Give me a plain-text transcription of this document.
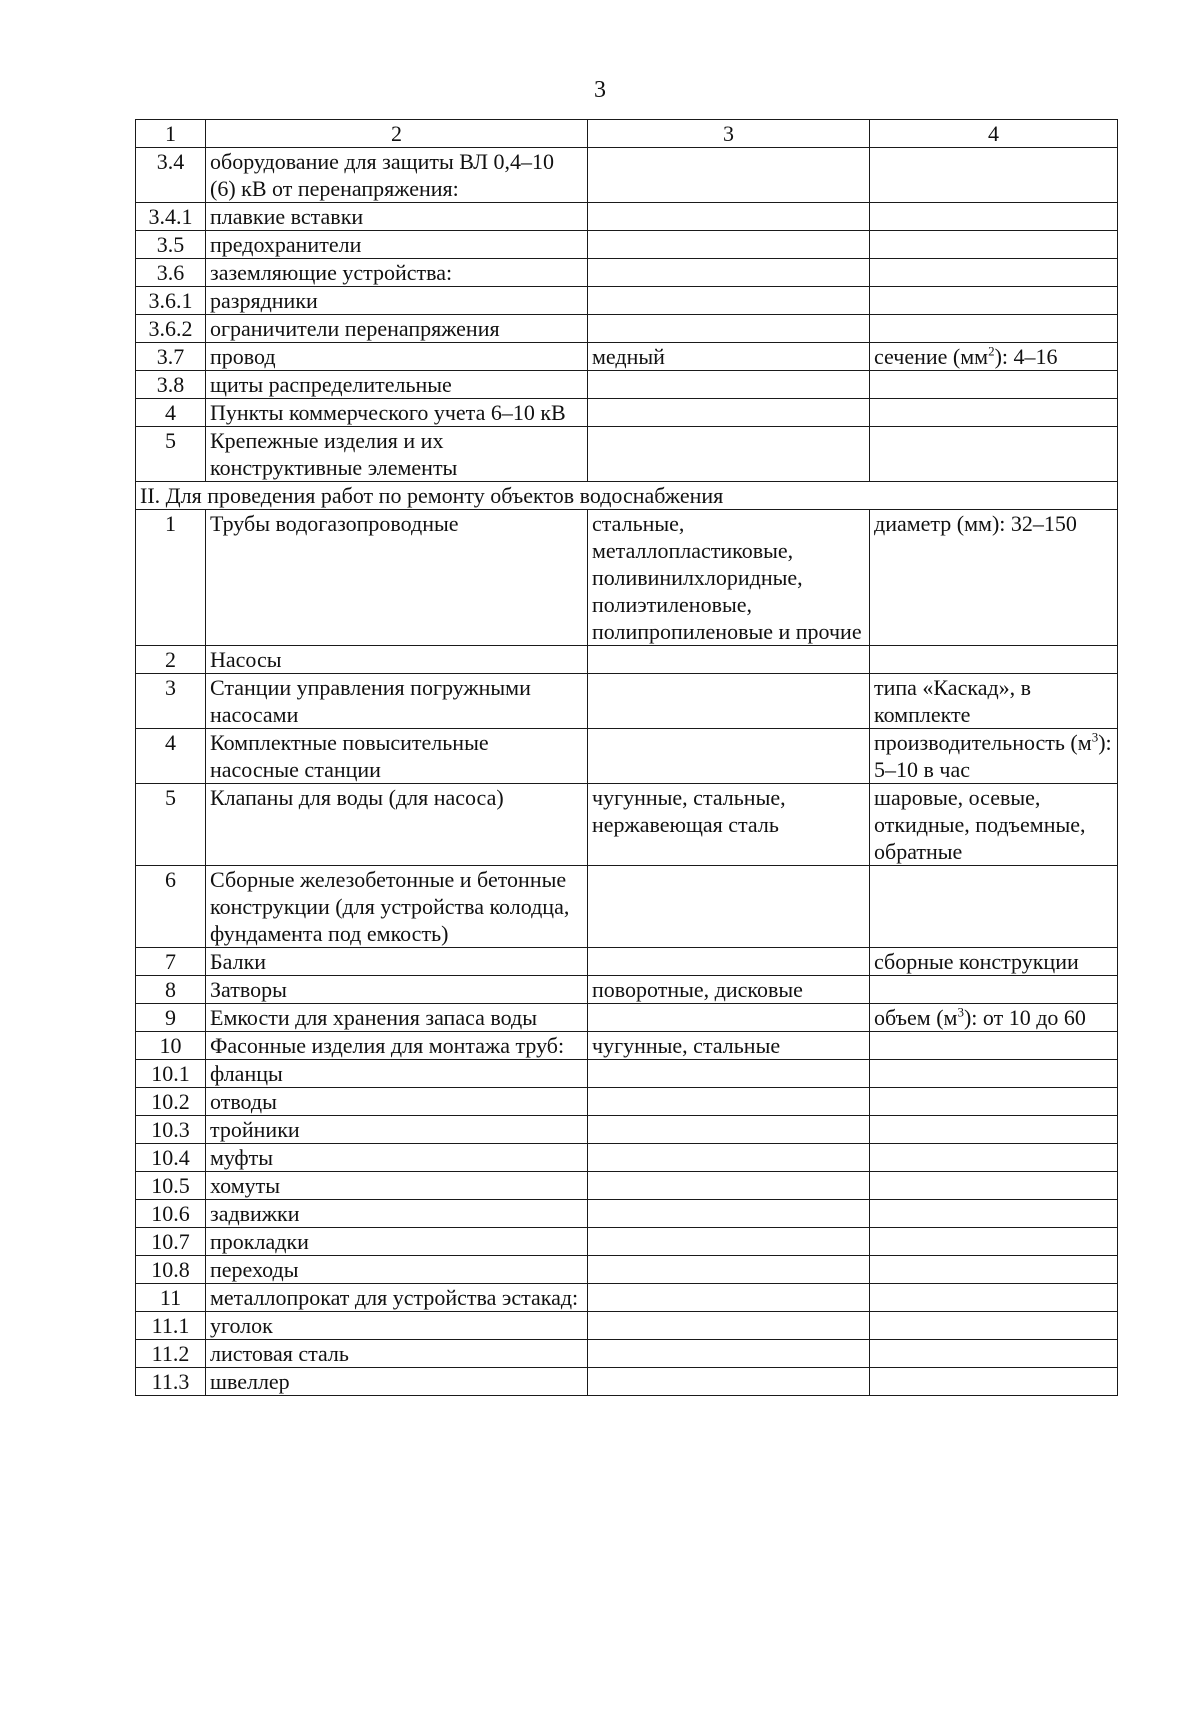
3
1	2	3	4
3.4	оборудование для защиты ВЛ 0,4–10 (6) кВ от перенапряжения:		
3.4.1	плавкие вставки		
3.5	предохранители		
3.6	заземляющие устройства:		
3.6.1	разрядники		
3.6.2	ограничители перенапряжения		
3.7	провод	медный	сечение $(мм^2)$: 4–16
3.8	щиты распределительные		
4	Пункты коммерческого учета 6–10 кВ		
5	Крепежные изделия и их конструктивные элементы		
II. Для проведения работ по ремонту объектов водоснабжения			
1	Трубы водогазопроводные	стальные, металлопластиковые, поливинилхлоридные, полиэтиленовые, полипропиленовые и прочие	диаметр (мм): 32–150
2	Насосы		
3	Станции управления погружными насосами		типа «Каскад», в комплекте
4	Комплектные повысительные насосные станции		производительность $(м^3)$: 5–10 в час
5	Клапаны для воды (для насоса)	чугунные, стальные, нержавеющая сталь	шаровые, осевые, откидные, подъемные, обратные
6	Сборные железобетонные и бетонные конструкции (для устройства колодца, фундамента под емкость)		
7	Балки		сборные конструкции
8	Затворы	поворотные, дисковые	
9	Емкости для хранения запаса воды		объем $(м^3)$: от 10 до 60
10	Фасонные изделия для монтажа труб:	чугунные, стальные	
10.1	фланцы		
10.2	отводы		
10.3	тройники		
10.4	муфты		
10.5	хомуты		
10.6	задвижки		
10.7	прокладки		
10.8	переходы		
11	металлопрокат для устройства эстакад:		
11.1	уголок		
11.2	листовая сталь		
11.3	швеллер		
